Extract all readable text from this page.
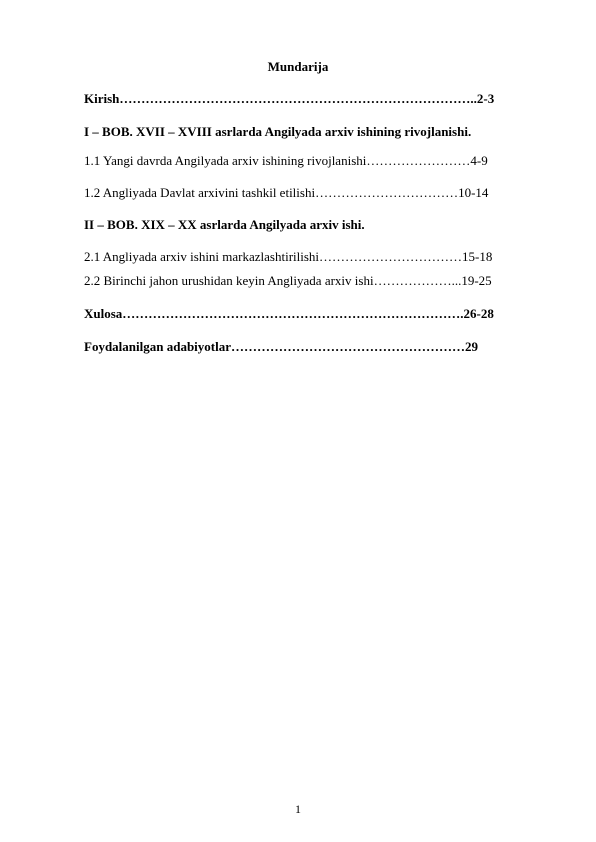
Mundarija
Kirish………………………………………………………………………..2-3
I – BOB. XVII – XVIII asrlarda Angilyada arxiv ishining rivojlanishi.
1.1 Yangi davrda Angilyada arxiv ishining rivojlanishi……………………4-9
1.2 Angliyada Davlat arxivini tashkil etilishi……………………………10-14
II – BOB. XIX – XX asrlarda Angilyada arxiv ishi.
2.1 Angliyada arxiv ishini markazlashtirilishi……………………………15-18
2.2 Birinchi jahon urushidan keyin Angliyada arxiv ishi………………...19-25
Xulosa…………………………………………………………………….26-28
Foydalanilgan adabiyotlar………………………………………………29
1
